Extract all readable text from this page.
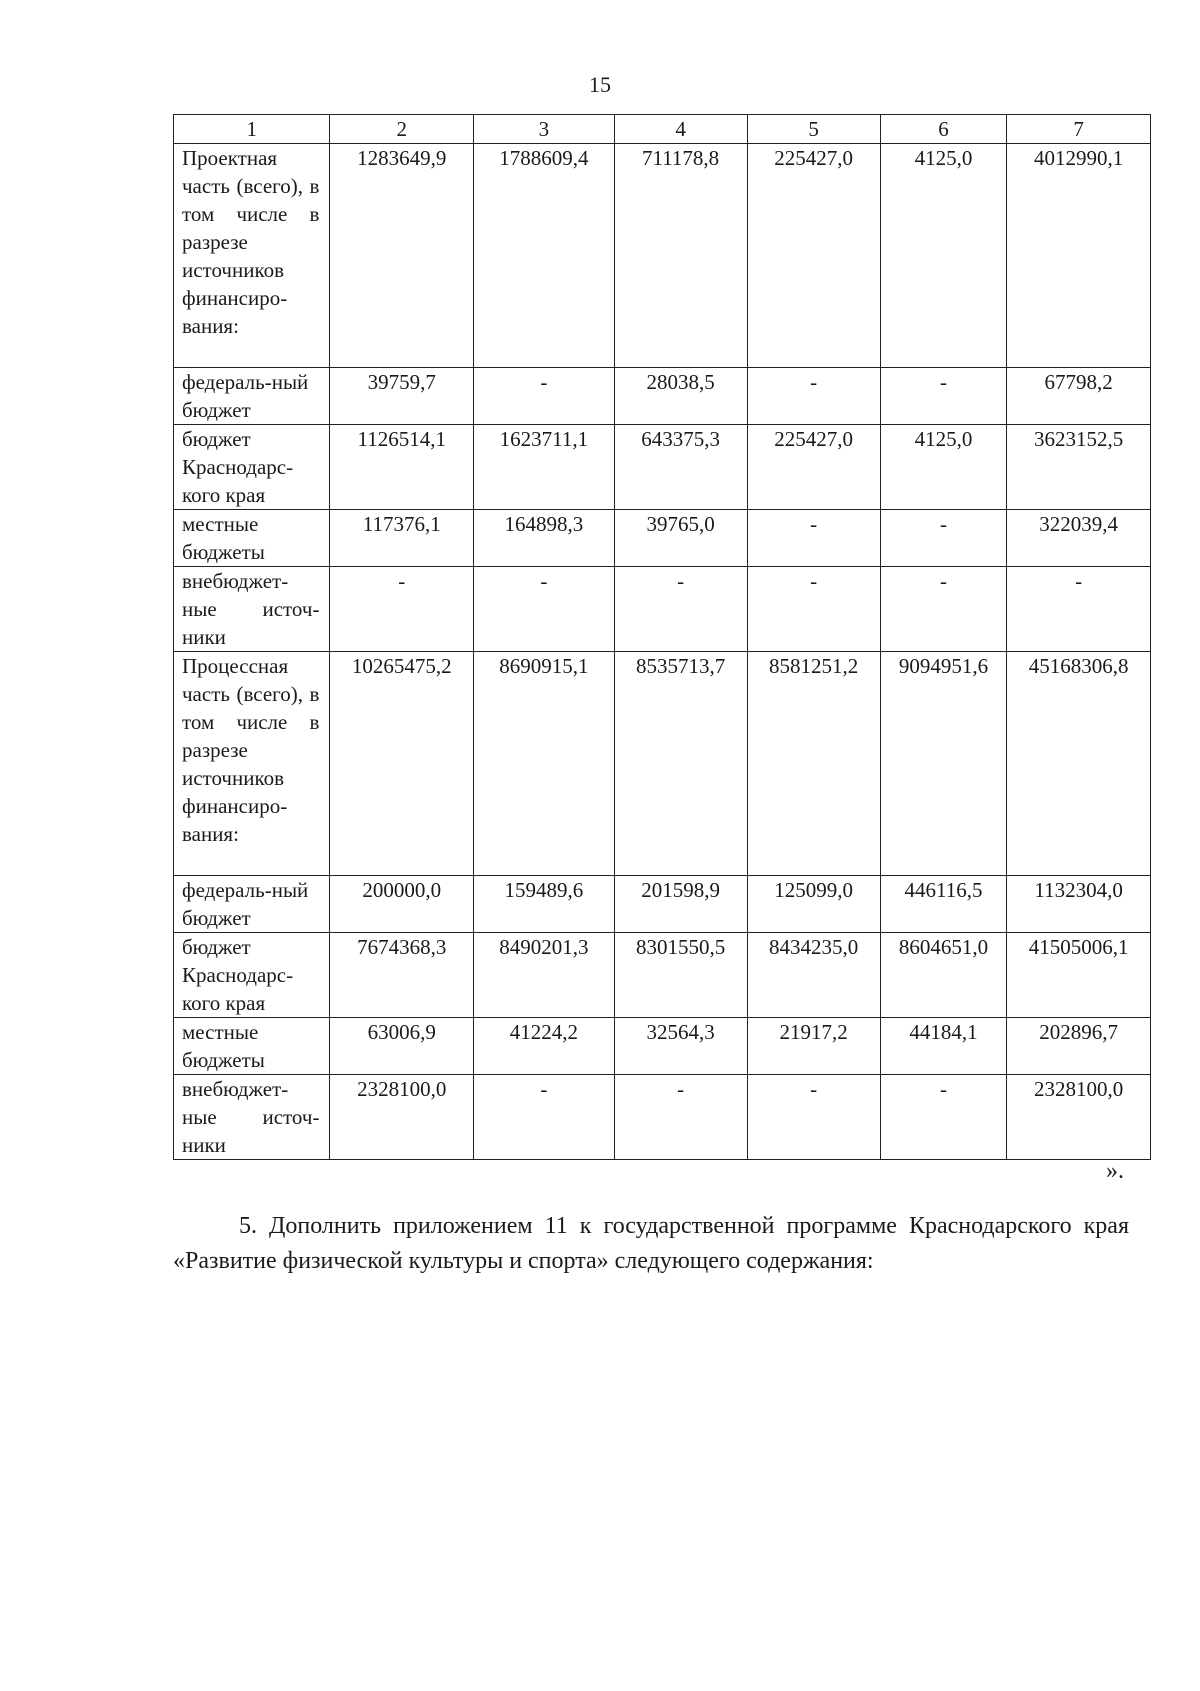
15
1	2	3	4	5	6	7
Проектная часть (всего), в том числе в разрезе источников финансиро-вания:	1283649,9	1788609,4	711178,8	225427,0	4125,0	4012990,1
федераль-ный бюджет	39759,7	-	28038,5	-	-	67798,2
бюджет Краснодарс-кого края	1126514,1	1623711,1	643375,3	225427,0	4125,0	3623152,5
местные бюджеты	117376,1	164898,3	39765,0	-	-	322039,4
внебюджет-ные источ-ники	-	-	-	-	-	-
Процессная часть (всего), в том числе в разрезе источников финансиро-вания:	10265475,2	8690915,1	8535713,7	8581251,2	9094951,6	45168306,8
федераль-ный бюджет	200000,0	159489,6	201598,9	125099,0	446116,5	1132304,0
бюджет Краснодарс-кого края	7674368,3	8490201,3	8301550,5	8434235,0	8604651,0	41505006,1
местные бюджеты	63006,9	41224,2	32564,3	21917,2	44184,1	202896,7
внебюджет-ные источ-ники	2328100,0	-	-	-	-	2328100,0
».

5. Дополнить приложением 11 к государственной программе Краснодарского края «Развитие физической культуры и спорта» следующего содержания:
